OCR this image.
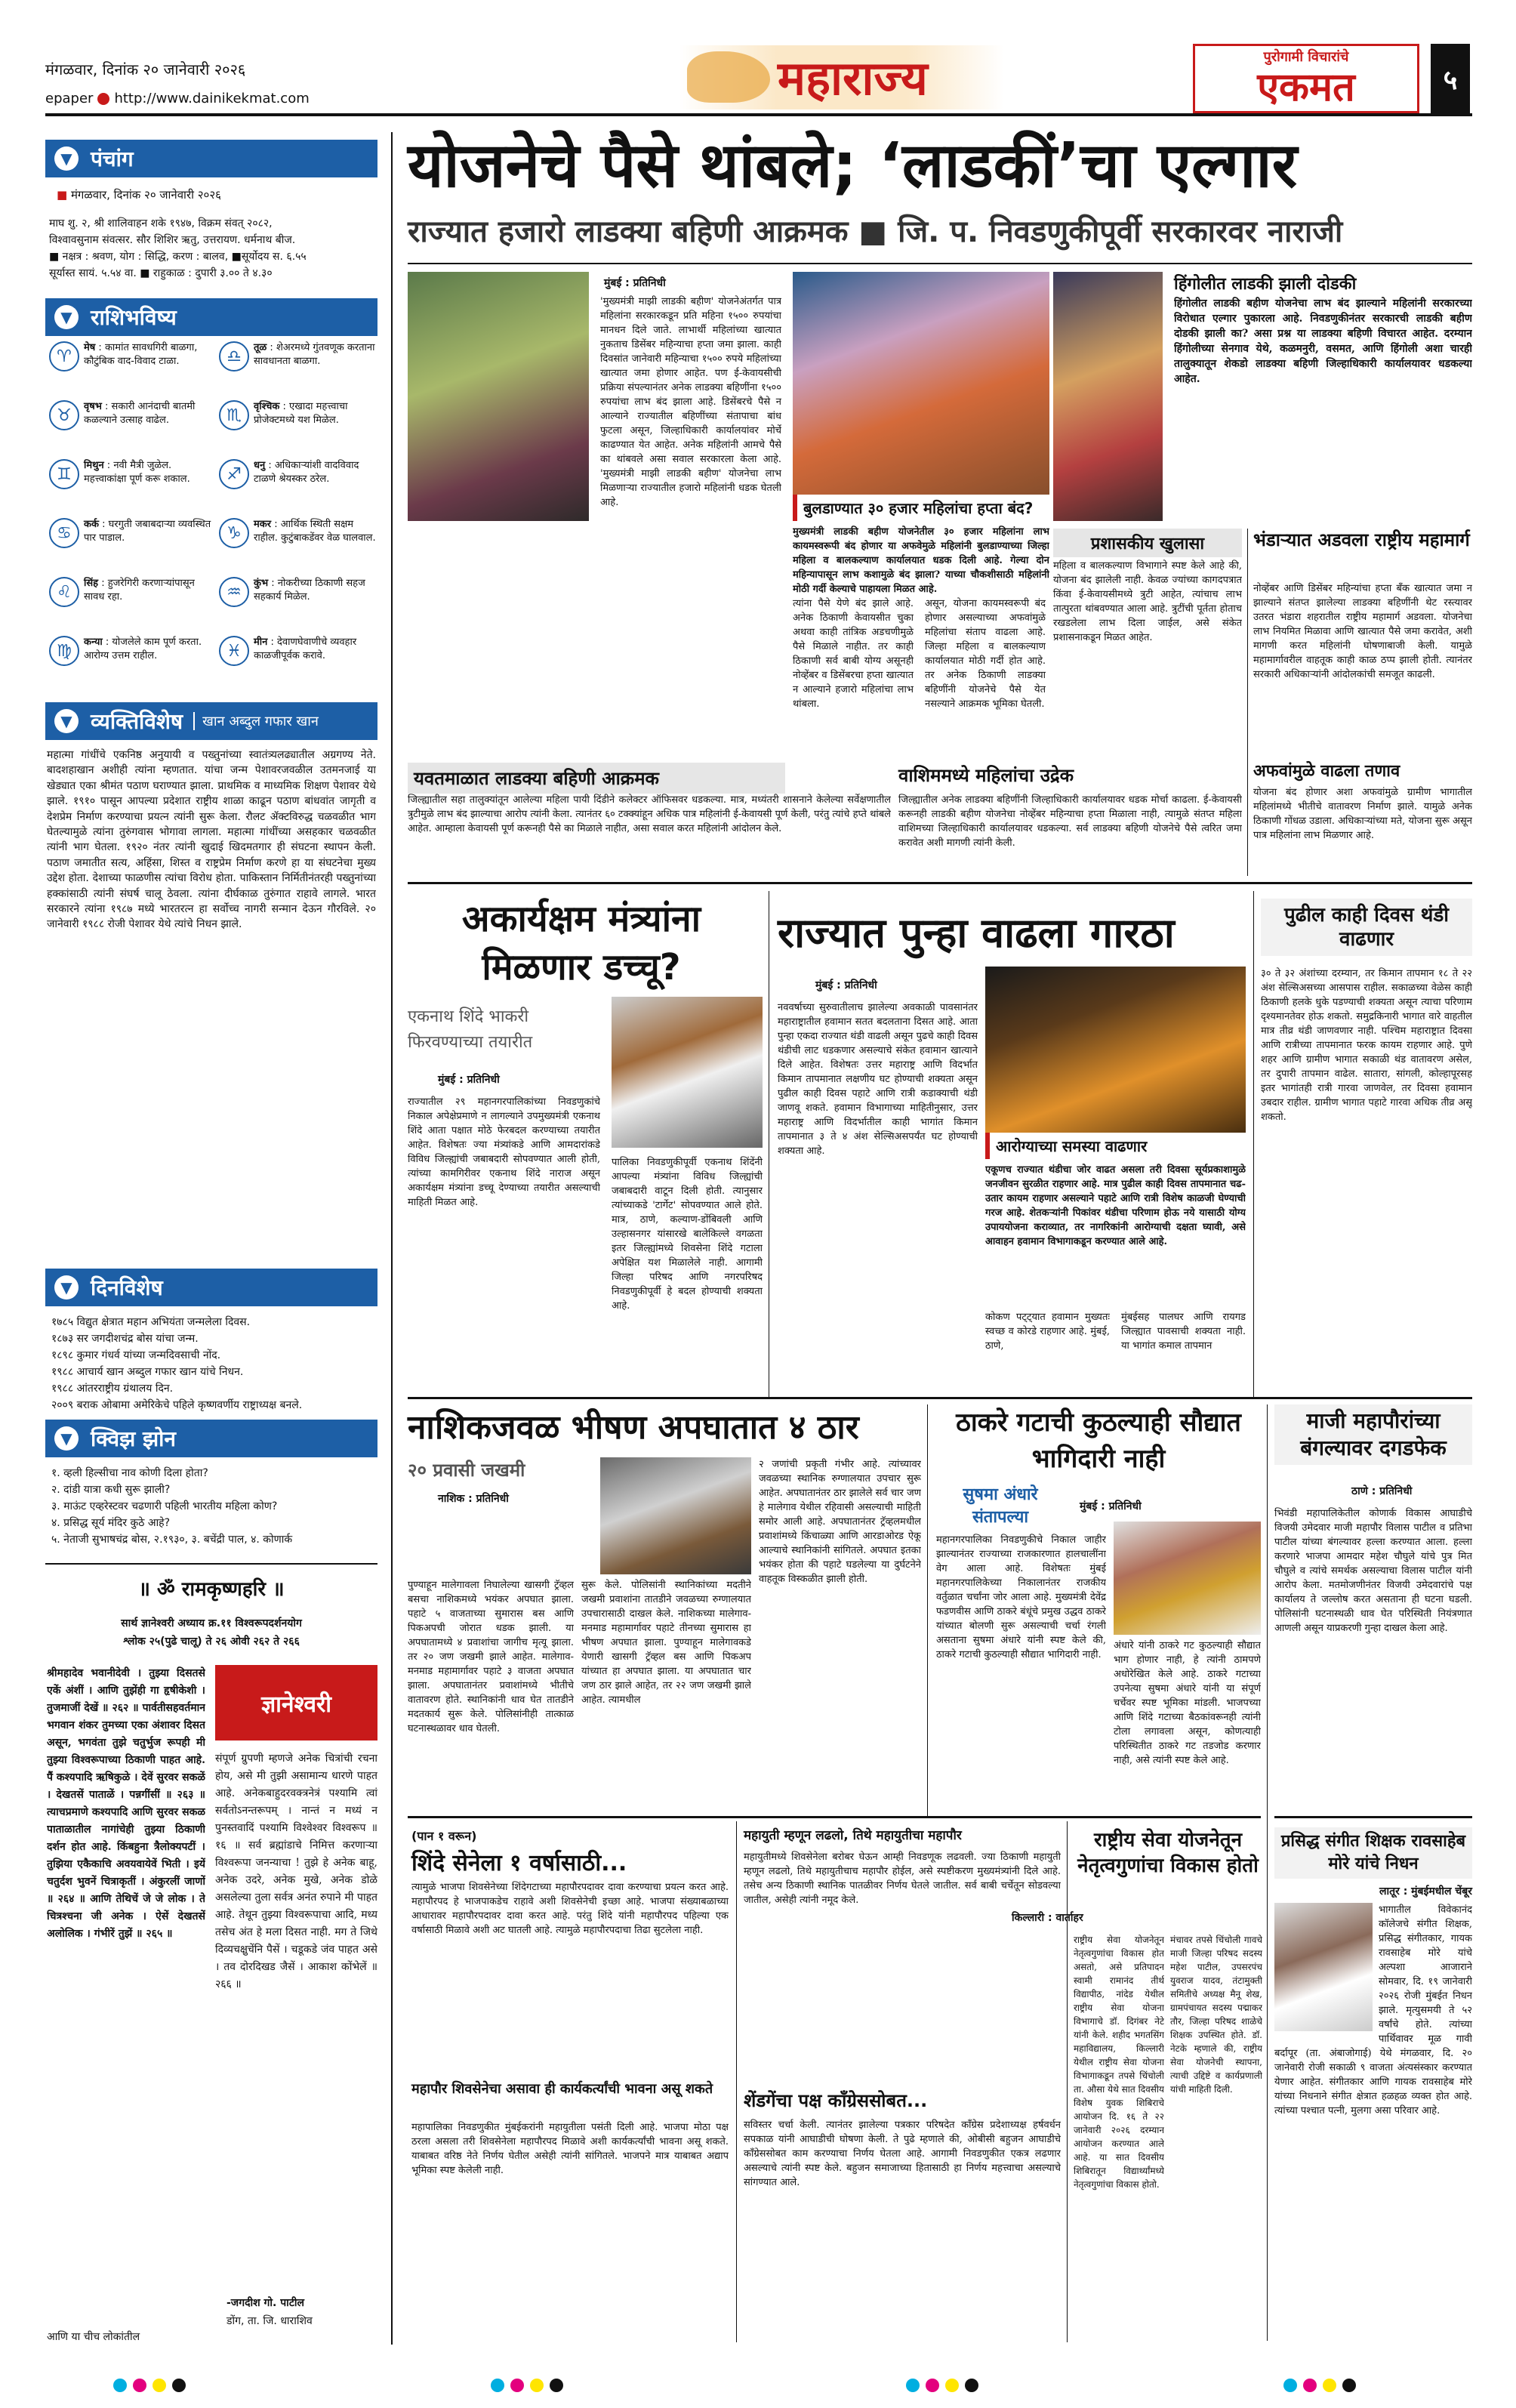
मंगळवार, दिनांक २० जानेवारी २०२६
epaper http://www.dainikekmat.com	महाराज्य	पुरोगामी विचारांचे
एकमत	५
▼ पंचांग
■ मंगळवार, दिनांक २० जानेवारी २०२६
माघ शु. २, श्री शालिवाहन शके १९४७, विक्रम संवत् २०८२,
विश्वावसुनाम संवत्सर. सौर शिशिर ऋतु, उत्तरायण. धर्मनाथ बीज.
■ नक्षत्र : श्रवण, योग : सिद्धि, करण : बालव, ■सूर्योदय स. ६.५५
सूर्यास्त सायं. ५.५४ वा. ■ राहुकाळ : दुपारी ३.०० ते ४.३०
▼ राशिभविष्य
♈	मेष : कामांत सावधगिरी बाळगा, कौटुंबिक वाद-विवाद टाळा.
♉	वृषभ : सकारी आनंदाची बातमी कळल्याने उत्साह वाढेल.
♊	मिथुन : नवी मैत्री जुळेल. महत्त्वाकांक्षा पूर्ण करू शकाल.
♋	कर्क : घरगुती जबाबदाऱ्या व्यवस्थित पार पाडाल.
♌	सिंह : हुजरेगिरी करणाऱ्यांपासून सावध रहा.
♍	कन्या : योजलेले काम पूर्ण करता. आरोग्य उत्तम राहील.
♎	तूळ : शेअरमध्ये गुंतवणूक करताना सावधानता बाळगा.
♏	वृश्चिक : एखादा महत्त्वाचा प्रोजेक्टमध्ये यश मिळेल.
♐	धनु : अधिकाऱ्यांशी वादविवाद टाळणे श्रेयस्कर ठरेल.
♑	मकर : आर्थिक स्थिती सक्षम राहील. कुटुंबाकडेंवर वेळ घालवाल.
♒	कुंभ : नोकरीच्या ठिकाणी सहज सहकार्य मिळेल.
♓	मीन : देवाणघेवाणीचे व्यवहार काळजीपूर्वक करावे.
▼ व्यक्तिविशेष	खान अब्दुल गफार खान
महात्मा गांधींचे एकनिष्ठ अनुयायी व पख्तुनांच्या स्वातंत्र्यलढ्यातील अग्रगण्य नेते. बादशहाखान अशीही त्यांना म्हणतात. यांचा जन्म पेशावरजवळील उतमनजाई या खेड्यात एका श्रीमंत पठाण घराण्यात झाला. प्राथमिक व माध्यमिक शिक्षण पेशावर येथे झाले. १९१० पासून आपल्या प्रदेशात राष्ट्रीय शाळा काढून पठाण बांधवांत जागृती व देशप्रेम निर्माण करण्याचा प्रयत्न त्यांनी सुरू केला. रौलट ॲक्टविरुद्ध चळवळीत भाग घेतल्यामुळे त्यांना तुरुंगवास भोगावा लागला. महात्मा गांधींच्या असहकार चळवळीत त्यांनी भाग घेतला. १९२० नंतर त्यांनी खुदाई खिदमतगार ही संघटना स्थापन केली. पठाण जमातीत सत्य, अहिंसा, शिस्त व राष्ट्रप्रेम निर्माण करणे हा या संघटनेचा मुख्य उद्देश होता. देशाच्या फाळणीस त्यांचा विरोध होता. पाकिस्तान निर्मितीनंतरही पख्तुनांच्या हक्कांसाठी त्यांनी संघर्ष चालू ठेवला. त्यांना दीर्घकाळ तुरुंगात राहावे लागले. भारत सरकारने त्यांना १९८७ मध्ये भारतरत्न हा सर्वोच्च नागरी सन्मान देऊन गौरविले. २० जानेवारी १९८८ रोजी पेशावर येथे त्यांचे निधन झाले.
▼ दिनविशेष
१७८५ विद्युत क्षेत्रात महान अभियंता जन्मलेला दिवस.
१८७३ सर जगदीशचंद्र बोस यांचा जन्म.
१८९८ कुमार गंधर्व यांच्या जन्मदिवसाची नोंद.
१९८८ आचार्य खान अब्दुल गफार खान यांचे निधन.
१९८८ आंतरराष्ट्रीय ग्रंथालय दिन.
२००९ बराक ओबामा अमेरिकेचे पहिले कृष्णवर्णीय राष्ट्राध्यक्ष बनले.
▼ क्विझ झोन
१. व्हली हिल्सीचा नाव कोणी दिला होता?
२. दांडी यात्रा कधी सुरू झाली?
३. माऊंट एव्हरेस्टवर चढणारी पहिली भारतीय महिला कोण?
४. प्रसिद्ध सूर्य मंदिर कुठे आहे?
५. नेताजी सुभाषचंद्र बोस, २.१९३०, ३. बचेंद्री पाल, ४. कोणार्क
॥ ॐ रामकृष्णहरि ॥
सार्थ ज्ञानेश्वरी अध्याय क्र.११ विश्वरूपदर्शनयोग
श्लोक २५(पुढे चालू) ते २६ ओवी २६२ ते २६६
श्रीमहादेव भवानीदेवी । तुझ्या दिसतसे एकें अंशीं । आणि तुझेंही गा हृषीकेशी । तुजमाजीं देखें ॥ २६२ ॥ पार्वतीसहवर्तमान भगवान शंकर तुमच्या एका अंशावर दिसत असून, भगवंता तुझे चतुर्भुज रूपही मी तुझ्या विश्वरूपाच्या ठिकाणी पाहत आहे. पैं कश्यपादि ऋषिकुळे । देवें सुरवर सकळें । देखतसें पाताळें । पन्नगींसीं ॥ २६३ ॥ त्याचप्रमाणे कश्यपादि आणि सुरवर सकळ पाताळातील नागांचेही तुझ्या ठिकाणी दर्शन होत आहे. किंबहुना त्रैलोक्यपटीं । तुझिया एकैकाचि अवयवायेवें भिती । इयें चतुर्दश भुवनें चित्राकृतीं । अंकुरलीं जाणों ॥ २६४ ॥ आणि तेथिचें जे जे लोक । ते चित्रश्चना जी अनेक । ऐसें देखतसें अलोलिक । गंभीरें तुझें ॥ २६५ ॥
ज्ञानेश्वरी
संपूर्ण ग्रुपणी म्हणजे अनेक चित्रांची रचना होय, असे मी तुझी असामान्य धारणे पाहत आहे. अनेकबाहुदरवक्त्रनेत्रं पश्यामि त्वां सर्वतोऽनन्तरूपम् । नान्तं न मध्यं न पुनस्तवादिं पश्यामि विश्वेश्वर विश्वरूप ॥ १६ ॥ सर्व ब्रह्मांडाचे निमित्त करणाऱ्या विश्वरूपा जनन्याचा ! तुझे हे अनेक बाहू, अनेक उदरे, अनेक मुखे, अनेक डोळे असलेल्या तुला सर्वत्र अनंत रुपाने मी पाहत आहे. तेथून तुझ्या विश्वरूपाचा आदि, मध्य तसेच अंत हे मला दिसत नाही. मग ते जिथे दिव्यचक्षुचेंनि पैसें । चडूकडे जंव पाहत असे । तव दोरदिखड जैसें । आकाश कोंभेलें ॥ २६६ ॥
-जगदीश गो. पाटील
डोंग, ता. जि. धाराशिव
आणि या चीच लोकांतील
योजनेचे पैसे थांबले; ‘लाडकीं’चा एल्गार
राज्यात हजारो लाडक्या बहिणी आक्रमक ■ जि. प. निवडणुकीपूर्वी सरकारवर नाराजी
मुंबई : प्रतिनिधी
'मुख्यमंत्री माझी लाडकी बहीण' योजनेअंतर्गत पात्र महिलांना सरकारकडून प्रति महिना १५०० रुपयांचा मानधन दिले जाते. लाभार्थी महिलांच्या खात्यात नुकताच डिसेंबर महिन्याचा हप्ता जमा झाला. काही दिवसांत जानेवारी महिन्याचा १५०० रुपये महिलांच्या खात्यात जमा होणार आहेत. पण ई-केवायसीची प्रक्रिया संपल्यानंतर अनेक लाडक्या बहिणींना १५०० रुपयांचा लाभ बंद झाला आहे. डिसेंबरचे पैसे न आल्याने राज्यातील बहिणींच्या संतापाचा बांध फुटला असून, जिल्हाधिकारी कार्यालयांवर मोर्चे काढण्यात येत आहेत. अनेक महिलांनी आमचे पैसे का थांबवले असा सवाल सरकारला केला आहे. 'मुख्यमंत्री माझी लाडकी बहीण' योजनेचा लाभ मिळणाऱ्या राज्यातील हजारो महिलांनी धडक घेतली आहे.	बुलडाण्यात ३० हजार महिलांचा हप्ता बंद?
मुख्यमंत्री लाडकी बहीण योजनेतील ३० हजार महिलांना लाभ कायमस्वरूपी बंद होणार या अफवेमुळे महिलांनी बुलडाण्याच्या जिल्हा महिला व बालकल्याण कार्यालयात धडक दिली आहे. गेल्या दोन महिन्यापासून लाभ कशामुळे बंद झाला? याच्या चौकशीसाठी महिलांनी मोठी गर्दी केल्याचे पाहायला मिळत आहे.
त्यांना पैसे येणे बंद झाले आहे. अनेक ठिकाणी केवायसीत चुका अथवा काही तांत्रिक अडचणीमुळे पैसे मिळाले नाहीत. तर काही ठिकाणी सर्व बाबी योग्य असूनही नोव्हेंबर व डिसेंबरचा हप्ता खात्यात न आल्याने हजारो महिलांचा लाभ थांबला.
असून, योजना कायमस्वरूपी बंद होणार असल्याच्या अफवांमुळे महिलांचा संताप वाढला आहे. जिल्हा महिला व बालकल्याण कार्यालयात मोठी गर्दी होत आहे. तर अनेक ठिकाणी लाडक्या बहिणींनी योजनेचे पैसे येत नसल्याने आक्रमक भूमिका घेतली.
हिंगोलीत लाडकी झाली दोडकी
हिंगोलीत लाडकी बहीण योजनेचा लाभ बंद झाल्याने महिलांनी सरकारच्या विरोधात एल्गार पुकारला आहे. निवडणुकीनंतर सरकारची लाडकी बहीण दोडकी झाली का? असा प्रश्न या लाडक्या बहिणी विचारत आहेत. दरम्यान हिंगोलीच्या सेनगाव येथे, कळमनुरी, वसमत, आणि हिंगोली अशा चारही तालुक्यातून शेकडो लाडक्या बहिणी जिल्हाधिकारी कार्यालयावर धडकल्या आहेत.
प्रशासकीय खुलासा
महिला व बालकल्याण विभागाने स्पष्ट केले आहे की, योजना बंद झालेली नाही. केवळ ज्यांच्या कागदपत्रात किंवा ई-केवायसीमध्ये त्रुटी आहेत, त्यांचाच लाभ तात्पुरता थांबवण्यात आला आहे. त्रुटींची पूर्तता होताच रखडलेला लाभ दिला जाईल, असे संकेत प्रशासनाकडून मिळत आहेत.
भंडाऱ्यात अडवला राष्ट्रीय महामार्ग
नोव्हेंबर आणि डिसेंबर महिन्यांचा हप्ता बँक खात्यात जमा न झाल्याने संतप्त झालेल्या लाडक्या बहिणींनी थेट रस्त्यावर उतरत भंडारा शहरातील राष्ट्रीय महामार्ग अडवला. योजनेचा लाभ नियमित मिळावा आणि खात्यात पैसे जमा करावेत, अशी मागणी करत महिलांनी घोषणाबाजी केली. यामुळे महामार्गावरील वाहतूक काही काळ ठप्प झाली होती. त्यानंतर सरकारी अधिकाऱ्यांनी आंदोलकांची समजूत काढली.
अफवांमुळे वाढला तणाव
योजना बंद होणार अशा अफवांमुळे ग्रामीण भागातील महिलांमध्ये भीतीचे वातावरण निर्माण झाले. यामुळे अनेक ठिकाणी गोंधळ उडाला. अधिकाऱ्यांच्या मते, योजना सुरू असून पात्र महिलांना लाभ मिळणार आहे.
यवतमाळात लाडक्या बहिणी आक्रमक
जिल्ह्यातील सहा तालुक्यांतून आलेल्या महिला पायी दिंडीने कलेक्टर ऑफिसवर धडकल्या. मात्र, मध्यंतरी शासनाने केलेल्या सर्वेक्षणातील त्रुटीमुळे लाभ बंद झाल्याचा आरोप त्यांनी केला. त्यानंतर ६० टक्क्यांहून अधिक पात्र महिलांनी ई-केवायसी पूर्ण केली, परंतु त्यांचे हप्ते थांबले आहेत. आम्हाला केवायसी पूर्ण करूनही पैसे का मिळाले नाहीत, असा सवाल करत महिलांनी आंदोलन केले.
वाशिममध्ये महिलांचा उद्रेक
जिल्ह्यातील अनेक लाडक्या बहिणींनी जिल्हाधिकारी कार्यालयावर धडक मोर्चा काढला. ई-केवायसी करूनही लाडकी बहीण योजनेचा नोव्हेंबर महिन्याचा हप्ता मिळाला नाही, त्यामुळे संतप्त महिला वाशिमच्या जिल्हाधिकारी कार्यालयावर धडकल्या. सर्व लाडक्या बहिणी योजनेचे पैसे त्वरित जमा करावेत अशी मागणी त्यांनी केली.
अकार्यक्षम मंत्र्यांना मिळणार डच्चू?
एकनाथ शिंदे भाकरी फिरवण्याच्या तयारीत
मुंबई : प्रतिनिधी
राज्यातील २९ महानगरपालिकांच्या निवडणुकांचे निकाल अपेक्षेप्रमाणे न लागल्याने उपमुख्यमंत्री एकनाथ शिंदे आता पक्षात मोठे फेरबदल करण्याच्या तयारीत आहेत. विशेषतः ज्या मंत्र्यांकडे आणि आमदारांकडे विविध जिल्ह्यांची जबाबदारी सोपवण्यात आली होती, त्यांच्या कामगिरीवर एकनाथ शिंदे नाराज असून अकार्यक्षम मंत्र्यांना डच्चू देण्याच्या तयारीत असल्याची माहिती मिळत आहे.
पालिका निवडणुकीपूर्वी एकनाथ शिंदेंनी आपल्या मंत्र्यांना विविध जिल्ह्यांची जबाबदारी वाटून दिली होती. त्यानुसार त्यांच्याकडे 'टार्गेट' सोपवण्यात आले होते. मात्र, ठाणे, कल्याण-डोंबिवली आणि उल्हासनगर यांसारखे बालेकिल्ले वगळता इतर जिल्ह्यांमध्ये शिवसेना शिंदे गटाला अपेक्षित यश मिळालेले नाही. आगामी जिल्हा परिषद आणि नगरपरिषद निवडणुकीपूर्वी हे बदल होण्याची शक्यता आहे.
राज्यात पुन्हा वाढला गारठा
मुंबई : प्रतिनिधी
नववर्षाच्या सुरुवातीलाच झालेल्या अवकाळी पावसानंतर महाराष्ट्रातील हवामान सतत बदलताना दिसत आहे. आता पुन्हा एकदा राज्यात थंडी वाढली असून पुढचे काही दिवस थंडीची लाट धडकणार असल्याचे संकेत हवामान खात्याने दिले आहेत. विशेषतः उत्तर महाराष्ट्र आणि विदर्भात किमान तापमानात लक्षणीय घट होण्याची शक्यता असून पुढील काही दिवस पहाटे आणि रात्री कडाक्याची थंडी जाणवू शकते. हवामान विभागाच्या माहितीनुसार, उत्तर महाराष्ट्र आणि विदर्भातील काही भागांत किमान तापमानात ३ ते ४ अंश सेल्सिअसपर्यंत घट होण्याची शक्यता आहे.	आरोग्याच्या समस्या वाढणार
एकूणच राज्यात थंडीचा जोर वाढत असला तरी दिवसा सूर्यप्रकाशामुळे जनजीवन सुरळीत राहणार आहे. मात्र पुढील काही दिवस तापमानात चढ-उतार कायम राहणार असल्याने पहाटे आणि रात्री विशेष काळजी घेण्याची गरज आहे. शेतकऱ्यांनी पिकांवर थंडीचा परिणाम होऊ नये यासाठी योग्य उपाययोजना कराव्यात, तर नागरिकांनी आरोग्याची दक्षता घ्यावी, असे आवाहन हवामान विभागाकडून करण्यात आले आहे.
कोकण पट्ट्यात हवामान मुख्यतः स्वच्छ व कोरडे राहणार आहे. मुंबई, ठाणे,
मुंबईसह पालघर आणि रायगड जिल्ह्यात पावसाची शक्यता नाही. या भागांत कमाल तापमान
पुढील काही दिवस थंडी वाढणार
३० ते ३२ अंशांच्या दरम्यान, तर किमान तापमान १८ ते २२ अंश सेल्सिअसच्या आसपास राहील. सकाळच्या वेळेस काही ठिकाणी हलके धुके पडण्याची शक्यता असून त्याचा परिणाम दृश्यमानतेवर होऊ शकतो. समुद्रकिनारी भागात वारे वाहतील मात्र तीव्र थंडी जाणवणार नाही. पश्चिम महाराष्ट्रात दिवसा आणि रात्रीच्या तापमानात फरक कायम राहणार आहे. पुणे शहर आणि ग्रामीण भागात सकाळी थंड वातावरण असेल, तर दुपारी तापमान वाढेल. सातारा, सांगली, कोल्हापूरसह इतर भागांतही रात्री गारवा जाणवेल, तर दिवसा हवामान उबदार राहील. ग्रामीण भागात पहाटे गारवा अधिक तीव्र असू शकतो.
नाशिकजवळ भीषण अपघातात ४ ठार
२० प्रवासी जखमी
नाशिक : प्रतिनिधी
पुण्याहून मालेगावला निघालेल्या खासगी ट्रॅव्हल बसचा नाशिकमध्ये भयंकर अपघात झाला. पहाटे ५ वाजताच्या सुमारास बस आणि पिकअपची जोरात धडक झाली. या अपघातामध्ये ४ प्रवाशांचा जागीच मृत्यू झाला. तर २० जण जखमी झाले आहेत. मालेगाव-मनमाड महामार्गावर पहाटे ३ वाजता अपघात झाला. अपघातानंतर प्रवाशांमध्ये भीतीचे वातावरण होते. स्थानिकांनी धाव घेत तातडीने मदतकार्य सुरू केले. पोलिसांनीही तात्काळ घटनास्थळावर धाव घेतली.
सुरू केले. पोलिसांनी स्थानिकांच्या मदतीने जखमी प्रवाशांना तातडीने जवळच्या रुग्णालयात उपचारासाठी दाखल केले. नाशिकच्या मालेगाव-मनमाड महामार्गावर पहाटे तीनच्या सुमारास हा भीषण अपघात झाला. पुण्याहून मालेगावकडे येणारी खासगी ट्रॅव्हल बस आणि पिकअप यांच्यात हा अपघात झाला. या अपघातात चार जण ठार झाले आहेत, तर २२ जण जखमी झाले आहेत. त्यामधील
२ जणांची प्रकृती गंभीर आहे. त्यांच्यावर जवळच्या स्थानिक रुग्णालयात उपचार सुरू आहेत. अपघातानंतर ठार झालेले सर्व चार जण हे मालेगाव येथील रहिवासी असल्याची माहिती समोर आली आहे. अपघातानंतर ट्रॅव्हलमधील प्रवाशांमध्ये किंचाळ्या आणि आरडाओरड ऐकू आल्याचे स्थानिकांनी सांगितले. अपघात इतका भयंकर होता की पहाटे घडलेल्या या दुर्घटनेने वाहतूक विस्कळीत झाली होती.
ठाकरे गटाची कुठल्याही सौद्यात भागिदारी नाही
सुषमा अंधारे संतापल्या
मुंबई : प्रतिनिधी
महानगरपालिका निवडणुकीचे निकाल जाहीर झाल्यानंतर राज्याच्या राजकारणात हालचालींना वेग आला आहे. विशेषतः मुंबई महानगरपालिकेच्या निकालानंतर राजकीय वर्तुळात चर्चांना जोर आला आहे. मुख्यमंत्री देवेंद्र फडणवीस आणि ठाकरे बंधूंचे प्रमुख उद्धव ठाकरे यांच्यात बोलणी सुरू असल्याची चर्चा रंगली असताना सुषमा अंधारे यांनी स्पष्ट केले की, ठाकरे गटाची कुठल्याही सौद्यात भागिदारी नाही.
अंधारे यांनी ठाकरे गट कुठल्याही सौद्यात भाग होणार नाही, हे त्यांनी ठामपणे अधोरेखित केले आहे. ठाकरे गटाच्या उपनेत्या सुषमा अंधारे यांनी या संपूर्ण चर्चेवर स्पष्ट भूमिका मांडली. भाजपच्या आणि शिंदे गटाच्या बैठकांवरूनही त्यांनी टोला लगावला असून, कोणत्याही परिस्थितीत ठाकरे गट तडजोड करणार नाही, असे त्यांनी स्पष्ट केले आहे.
माजी महापौरांच्या बंगल्यावर दगडफेक
ठाणे : प्रतिनिधी
भिवंडी महापालिकेतील कोणार्क विकास आघाडीचे विजयी उमेदवार माजी महापौर विलास पाटील व प्रतिभा पाटील यांच्या बंगल्यावर हल्ला करण्यात आला. हल्ला करणारे भाजपा आमदार महेश चौघुले यांचे पुत्र मित चौघुले व त्यांचे समर्थक असल्याचा विलास पाटील यांनी आरोप केला. मतमोजणीनंतर विजयी उमेदवारांचे पक्ष कार्यालय ते जल्लोष करत असताना ही घटना घडली. पोलिसांनी घटनास्थळी धाव घेत परिस्थिती नियंत्रणात आणली असून याप्रकरणी गुन्हा दाखल केला आहे.
(पान १ वरून)
शिंदे सेनेला १ वर्षासाठी...
त्यामुळे भाजपा शिवसेनेच्या शिंदेगटाच्या महापौरपदावर दावा करण्याचा प्रयत्न करत आहे. महापौरपद हे भाजपाकडेच राहावे अशी शिवसेनेची इच्छा आहे. भाजपा संख्याबळाच्या आधारावर महापौरपदावर दावा करत आहे. परंतु शिंदे यांनी महापौरपद पहिल्या एक वर्षासाठी मिळावे अशी अट घातली आहे. त्यामुळे महापौरपदाचा तिढा सुटलेला नाही.
महापौर शिवसेनेचा असावा ही कार्यकर्त्यांची भावना असू शकते
महापालिका निवडणुकीत मुंबईकरांनी महायुतीला पसंती दिली आहे. भाजपा मोठा पक्ष ठरला असला तरी शिवसेनेला महापौरपद मिळावे अशी कार्यकर्त्यांची भावना असू शकते. याबाबत वरिष्ठ नेते निर्णय घेतील असेही त्यांनी सांगितले. भाजपने मात्र याबाबत अद्याप भूमिका स्पष्ट केलेली नाही.
महायुती म्हणून लढलो, तिथे महायुतीचा महापौर
महायुतीमध्ये शिवसेनेला बरोबर घेऊन आम्ही निवडणूक लढवली. ज्या ठिकाणी महायुती म्हणून लढलो, तिथे महायुतीचाच महापौर होईल, असे स्पष्टीकरण मुख्यमंत्र्यांनी दिले आहे. तसेच अन्य ठिकाणी स्थानिक पातळीवर निर्णय घेतले जातील. सर्व बाबी चर्चेतून सोडवल्या जातील, असेही त्यांनी नमूद केले.
शेंडगेंचा पक्ष काँग्रेससोबत...
सविस्तर चर्चा केली. त्यानंतर झालेल्या पत्रकार परिषदेत काँग्रेस प्रदेशाध्यक्ष हर्षवर्धन सपकाळ यांनी आघाडीची घोषणा केली. ते पुढे म्हणाले की, ओबीसी बहुजन आघाडीचे काँग्रेससोबत काम करण्याचा निर्णय घेतला आहे. आगामी निवडणुकीत एकत्र लढणार असल्याचे त्यांनी स्पष्ट केले. बहुजन समाजाच्या हितासाठी हा निर्णय महत्त्वाचा असल्याचे सांगण्यात आले.
राष्ट्रीय सेवा योजनेतून नेतृत्वगुणांचा विकास होतो
किल्लारी : वार्ताहर
राष्ट्रीय सेवा योजनेतून नेतृत्वगुणांचा विकास होत असतो, असे प्रतिपादन स्वामी रामानंद तीर्थ विद्यापीठ, नांदेड येथील राष्ट्रीय सेवा योजना विभागाचे डॉ. दिगंबर नेटे यांनी केले. शहीद भगतसिंग महाविद्यालय, किल्लारी येथील राष्ट्रीय सेवा योजना विभागाकडून तपसे चिंचोली ता. औसा येथे सात दिवसीय विशेष युवक शिबिराचे आयोजन दि. १६ ते २२ जानेवारी २०२६ दरम्यान आयोजन करण्यात आले आहे. या सात दिवसीय शिबिरातून विद्यार्थ्यांमध्ये नेतृत्वगुणांचा विकास होतो.
मंचावर तपसे चिंचोली गावचे माजी जिल्हा परिषद सदस्य महेश पाटील, उपसरपंच युवराज यादव, तंटामुक्ती समितीचे अध्यक्ष मैनू शेख, ग्रामपंचायत सदस्य पद्माकर तौर, जिल्हा परिषद शाळेचे शिक्षक उपस्थित होते. डॉ. नेटके म्हणाले की, राष्ट्रीय सेवा योजनेची स्थापना, त्याची उद्दिष्टे व कार्यप्रणाली यांची माहिती दिली.
प्रसिद्ध संगीत शिक्षक रावसाहेब मोरे यांचे निधन
लातूर : मुंबईमधील चेंबूर
भागातील विवेकानंद कॉलेजचे संगीत शिक्षक, प्रसिद्ध संगीतकार, गायक रावसाहेब मोरे यांचे अल्पशा आजाराने सोमवार, दि. १९ जानेवारी २०२६ रोजी मुंबईत निधन झाले. मृत्युसमयी ते ५२ वर्षांचे होते. त्यांच्या पार्थिवावर मूळ गावी बर्दापूर (ता. अंबाजोगाई) येथे मंगळवार, दि. २० जानेवारी रोजी सकाळी ९ वाजता अंत्यसंस्कार करण्यात येणार आहेत. संगीतकार आणि गायक रावसाहेब मोरे यांच्या निधनाने संगीत क्षेत्रात हळहळ व्यक्त होत आहे. त्यांच्या पश्चात पत्नी, मुलगा असा परिवार आहे.
